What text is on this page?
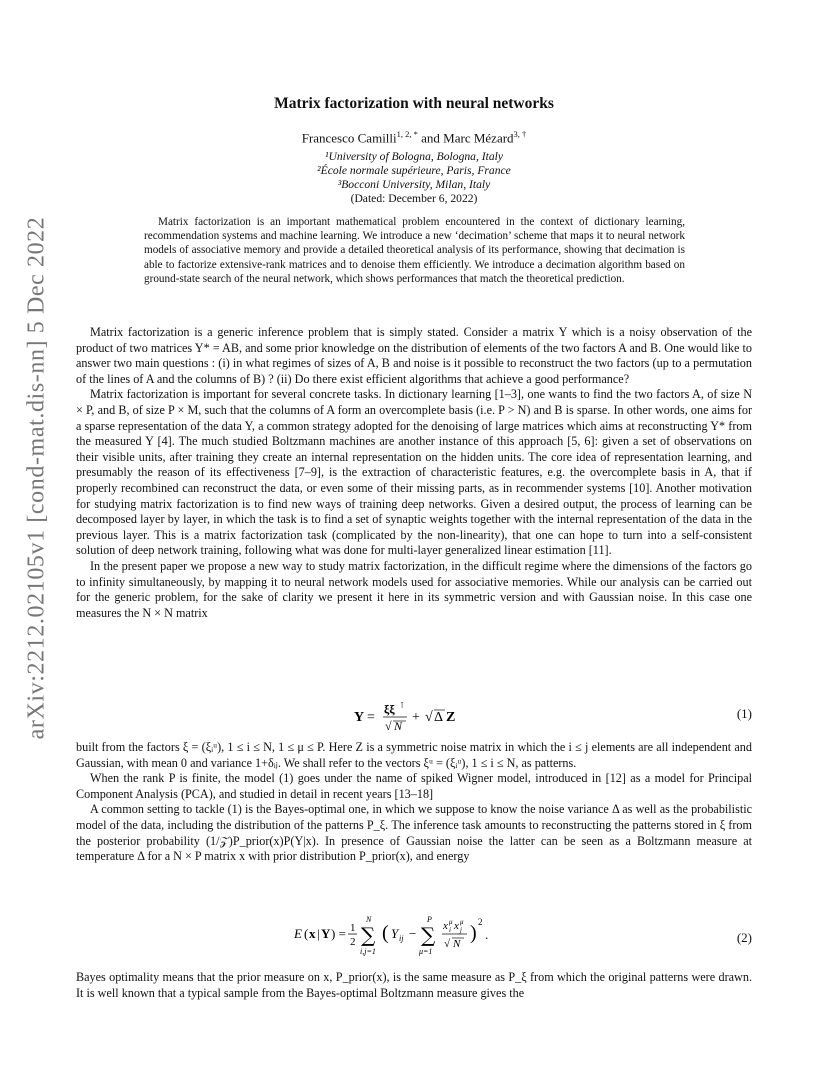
arXiv:2212.02105v1 [cond-mat.dis-nn] 5 Dec 2022
Matrix factorization with neural networks
Francesco Camilli$^{1, 2, *}$ and Marc Mézard$^{3, \dagger}$
¹University of Bologna, Bologna, Italy
²École normale supérieure, Paris, France
³Bocconi University, Milan, Italy
(Dated: December 6, 2022)
Matrix factorization is an important mathematical problem encountered in the context of dictionary learning, recommendation systems and machine learning. We introduce a new ‘decimation’ scheme that maps it to neural network models of associative memory and provide a detailed theoretical analysis of its performance, showing that decimation is able to factorize extensive-rank matrices and to denoise them efficiently. We introduce a decimation algorithm based on ground-state search of the neural network, which shows performances that match the theoretical prediction.

Matrix factorization is a generic inference problem that is simply stated. Consider a matrix Y which is a noisy observation of the product of two matrices Y* = AB, and some prior knowledge on the distribution of elements of the two factors A and B. One would like to answer two main questions : (i) in what regimes of sizes of A, B and noise is it possible to reconstruct the two factors (up to a permutation of the lines of A and the columns of B) ? (ii) Do there exist efficient algorithms that achieve a good performance?

Matrix factorization is important for several concrete tasks. In dictionary learning [1–3], one wants to find the two factors A, of size N × P, and B, of size P × M, such that the columns of A form an overcomplete basis (i.e. P > N) and B is sparse. In other words, one aims for a sparse representation of the data Y, a common strategy adopted for the denoising of large matrices which aims at reconstructing Y* from the measured Y [4]. The much studied Boltzmann machines are another instance of this approach [5, 6]: given a set of observations on their visible units, after training they create an internal representation on the hidden units. The core idea of representation learning, and presumably the reason of its effectiveness [7–9], is the extraction of characteristic features, e.g. the overcomplete basis in A, that if properly recombined can reconstruct the data, or even some of their missing parts, as in recommender systems [10]. Another motivation for studying matrix factorization is to find new ways of training deep networks. Given a desired output, the process of learning can be decomposed layer by layer, in which the task is to find a set of synaptic weights together with the internal representation of the data in the previous layer. This is a matrix factorization task (complicated by the non-linearity), that one can hope to turn into a self-consistent solution of deep network training, following what was done for multi-layer generalized linear estimation [11].

In the present paper we propose a new way to study matrix factorization, in the difficult regime where the dimensions of the factors go to infinity simultaneously, by mapping it to neural network models used for associative memories. While our analysis can be carried out for the generic problem, for the sake of clarity we present it here in its symmetric version and with Gaussian noise. In this case one measures the N × N matrix

Y =
ξξ ⊺
√ N
+ √ Δ Z	(1)

built from the factors ξ = (ξᵢᵘ), 1 ≤ i ≤ N, 1 ≤ μ ≤ P. Here Z is a symmetric noise matrix in which the i ≤ j elements are all independent and Gaussian, with mean 0 and variance 1+δᵢⱼ. We shall refer to the vectors ξᵘ = (ξᵢᵘ), 1 ≤ i ≤ N, as patterns.

When the rank P is finite, the model (1) goes under the name of spiked Wigner model, introduced in [12] as a model for Principal Component Analysis (PCA), and studied in detail in recent years [13–18]

A common setting to tackle (1) is the Bayes-optimal one, in which we suppose to know the noise variance Δ as well as the probabilistic model of the data, including the distribution of the patterns P_ξ. The inference task amounts to reconstructing the patterns stored in ξ from the posterior probability (1/𝒵)P_prior(x)P(Y|x). In presence of Gaussian noise the latter can be seen as a Boltzmann measure at temperature Δ for a N × P matrix x with prior distribution P_prior(x), and energy

E ( x | Y ) = 1
2
N
∑
i,j=1
( Y ij −
P
∑
μ=1
x μ
i x μ
j
√ N ) 2
.	(2)

Bayes optimality means that the prior measure on x, P_prior(x), is the same measure as P_ξ from which the original patterns were drawn. It is well known that a typical sample from the Bayes-optimal Boltzmann measure gives the
